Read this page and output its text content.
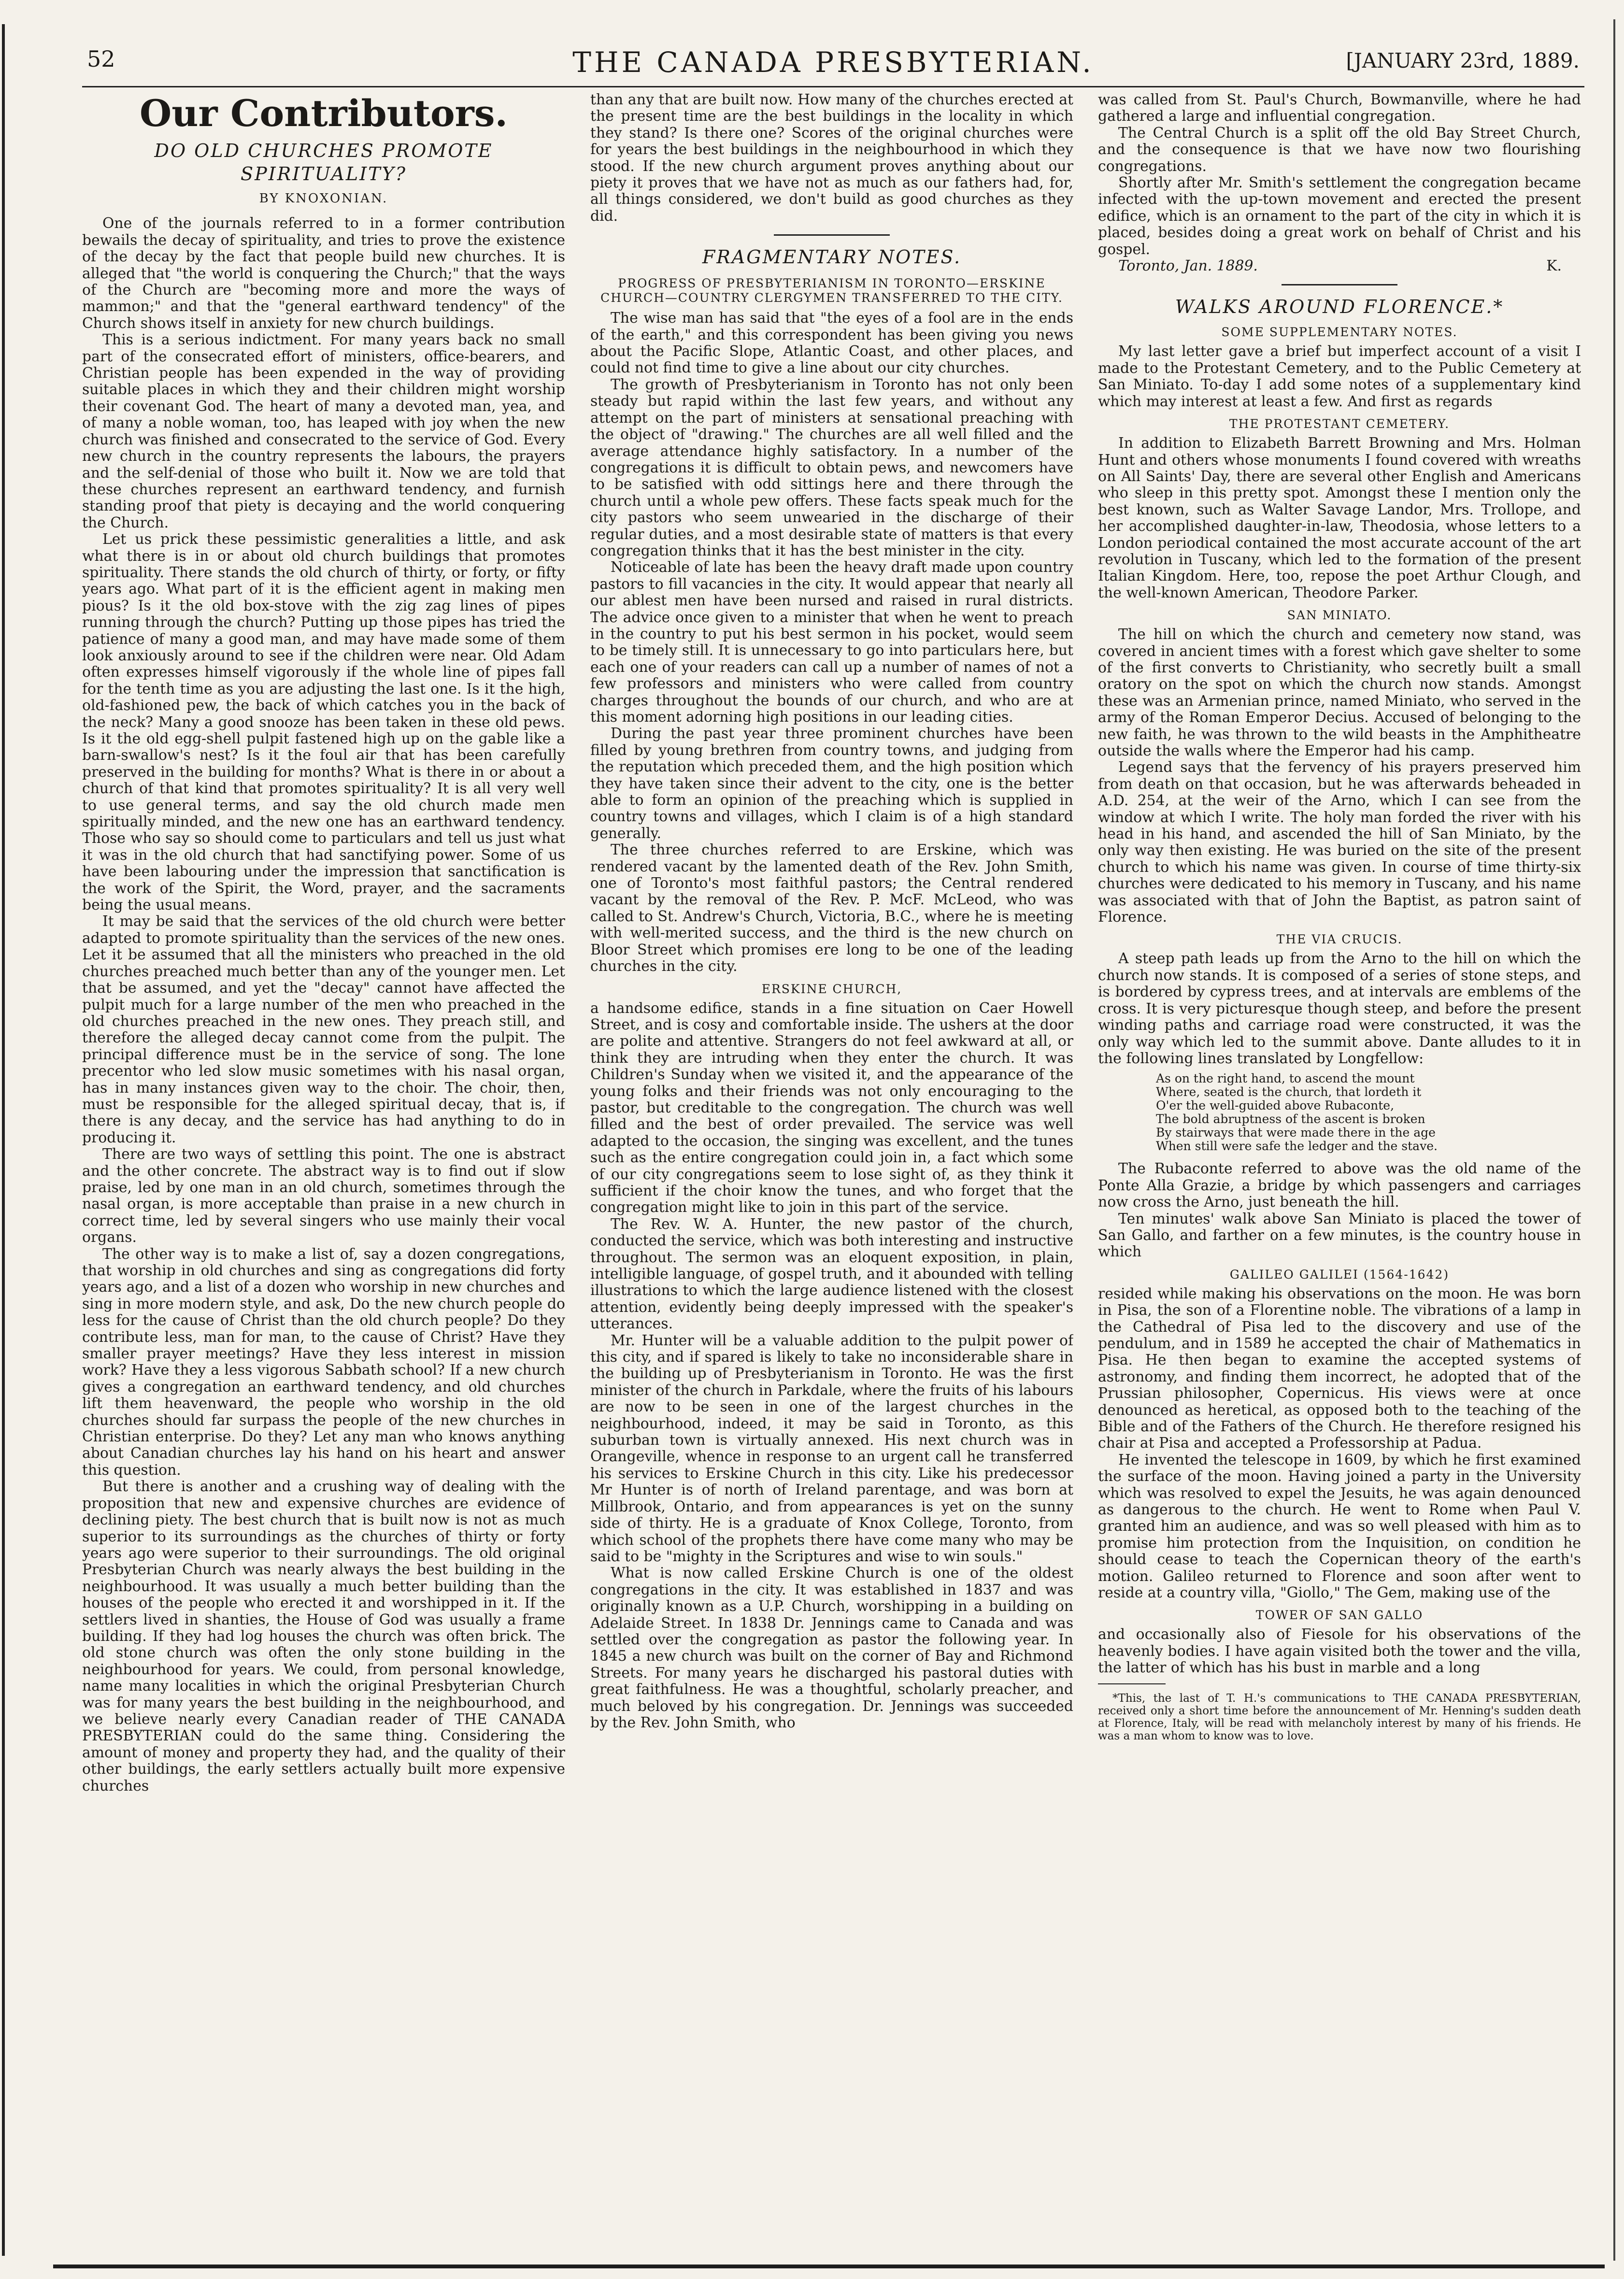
52	THE CANADA PRESBYTERIAN.	[JANUARY 23rd, 1889.
Our Contributors.
DO OLD CHURCHES PROMOTE SPIRITUALITY?
BY KNOXONIAN.

One of the journals referred to in a former contribution bewails the decay of spirituality, and tries to prove the existence of the decay by the fact that people build new churches. It is alleged that "the world is conquering the Church;" that the ways of the Church are "becoming more and more the ways of mammon;" and that the "general earthward tendency" of the Church shows itself in anxiety for new church buildings.

This is a serious indictment. For many years back no small part of the consecrated effort of ministers, office-bearers, and Christian people has been expended in the way of providing suitable places in which they and their children might worship their covenant God. The heart of many a devoted man, yea, and of many a noble woman, too, has leaped with joy when the new church was finished and consecrated to the service of God. Every new church in the country represents the labours, the prayers and the self-denial of those who built it. Now we are told that these churches represent an earthward tendency, and furnish standing proof that piety is decaying and the world conquering the Church.

Let us prick these pessimistic generalities a little, and ask what there is in or about old church buildings that promotes spirituality. There stands the old church of thirty, or forty, or fifty years ago. What part of it is the efficient agent in making men pious? Is it the old box-stove with the zig zag lines of pipes running through the church? Putting up those pipes has tried the patience of many a good man, and may have made some of them look anxiously around to see if the children were near. Old Adam often expresses himself vigorously if the whole line of pipes fall for the tenth time as you are adjusting the last one. Is it the high, old-fashioned pew, the back of which catches you in the back of the neck? Many a good snooze has been taken in these old pews. Is it the old egg-shell pulpit fastened high up on the gable like a barn-swallow's nest? Is it the foul air that has been carefully preserved in the building for months? What is there in or about a church of that kind that promotes spirituality? It is all very well to use general terms, and say the old church made men spiritually minded, and the new one has an earthward tendency. Those who say so should come to particulars and tell us just what it was in the old church that had sanctifying power. Some of us have been labouring under the impression that sanctification is the work of the Spirit, the Word, prayer, and the sacraments being the usual means.

It may be said that the services of the old church were better adapted to promote spirituality than the services of the new ones. Let it be assumed that all the ministers who preached in the old churches preached much better than any of the younger men. Let that be assumed, and yet the "decay" cannot have affected the pulpit much for a large number of the men who preached in the old churches preached in the new ones. They preach still, and therefore the alleged decay cannot come from the pulpit. The principal difference must be in the service of song. The lone precentor who led slow music sometimes with his nasal organ, has in many instances given way to the choir. The choir, then, must be responsible for the alleged spiritual decay, that is, if there is any decay, and the service has had anything to do in producing it.

There are two ways of settling this point. The one is abstract and the other concrete. The abstract way is to find out if slow praise, led by one man in an old church, sometimes through the nasal organ, is more acceptable than praise in a new church in correct time, led by several singers who use mainly their vocal organs.

The other way is to make a list of, say a dozen congregations, that worship in old churches and sing as congregations did forty years ago, and a list of a dozen who worship in new churches and sing in more modern style, and ask, Do the new church people do less for the cause of Christ than the old church people? Do they contribute less, man for man, to the cause of Christ? Have they smaller prayer meetings? Have they less interest in mission work? Have they a less vigorous Sabbath school? If a new church gives a congregation an earthward tendency, and old churches lift them heavenward, the people who worship in the old churches should far surpass the people of the new churches in Christian enterprise. Do they? Let any man who knows anything about Canadian churches lay his hand on his heart and answer this question.

But there is another and a crushing way of dealing with the proposition that new and expensive churches are evidence of declining piety. The best church that is built now is not as much superior to its surroundings as the churches of thirty or forty years ago were superior to their surroundings. The old original Presbyterian Church was nearly always the best building in the neighbourhood. It was usually a much better building than the houses of the people who erected it and worshipped in it. If the settlers lived in shanties, the House of God was usually a frame building. If they had log houses the church was often brick. The old stone church was often the only stone building in the neighbourhood for years. We could, from personal knowledge, name many localities in which the original Presbyterian Church was for many years the best building in the neighbourhood, and we believe nearly every Canadian reader of THE CANADA PRESBYTERIAN could do the same thing. Considering the amount of money and property they had, and the quality of their other buildings, the early settlers actually built more expensive churches

than any that are built now. How many of the churches erected at the present time are the best buildings in the locality in which they stand? Is there one? Scores of the original churches were for years the best buildings in the neighbourhood in which they stood. If the new church argument proves anything about our piety it proves that we have not as much as our fathers had, for, all things considered, we don't build as good churches as they did.

FRAGMENTARY NOTES.
PROGRESS OF PRESBYTERIANISM IN TORONTO—ERSKINE CHURCH—COUNTRY CLERGYMEN TRANSFERRED TO THE CITY.

The wise man has said that "the eyes of a fool are in the ends of the earth," and this correspondent has been giving you news about the Pacific Slope, Atlantic Coast, and other places, and could not find time to give a line about our city churches.

The growth of Presbyterianism in Toronto has not only been steady but rapid within the last few years, and without any attempt on the part of ministers at sensational preaching with the object of "drawing." The churches are all well filled and the average attendance highly satisfactory. In a number of the congregations it is difficult to obtain pews, and newcomers have to be satisfied with odd sittings here and there through the church until a whole pew offers. These facts speak much for the city pastors who seem unwearied in the discharge of their regular duties, and a most desirable state of matters is that every congregation thinks that it has the best minister in the city.

Noticeable of late has been the heavy draft made upon country pastors to fill vacancies in the city. It would appear that nearly all our ablest men have been nursed and raised in rural districts. The advice once given to a minister that when he went to preach in the country to put his best sermon in his pocket, would seem to be timely still. It is unnecessary to go into particulars here, but each one of your readers can call up a number of names of not a few professors and ministers who were called from country charges throughout the bounds of our church, and who are at this moment adorning high positions in our leading cities.

During the past year three prominent churches have been filled by young brethren from country towns, and judging from the reputation which preceded them, and the high position which they have taken since their advent to the city, one is the better able to form an opinion of the preaching which is supplied in country towns and villages, which I claim is of a high standard generally.

The three churches referred to are Erskine, which was rendered vacant by the lamented death of the Rev. John Smith, one of Toronto's most faithful pastors; the Central rendered vacant by the removal of the Rev. P. McF. McLeod, who was called to St. Andrew's Church, Victoria, B.C., where he is meeting with well-merited success, and the third is the new church on Bloor Street which promises ere long to be one of the leading churches in the city.

ERSKINE CHURCH,

a handsome edifice, stands in a fine situation on Caer Howell Street, and is cosy and comfortable inside. The ushers at the door are polite and attentive. Strangers do not feel awkward at all, or think they are intruding when they enter the church. It was Children's Sunday when we visited it, and the appearance of the young folks and their friends was not only encouraging to the pastor, but creditable to the congregation. The church was well filled and the best of order prevailed. The service was well adapted to the occasion, the singing was excellent, and the tunes such as the entire congregation could join in, a fact which some of our city congregations seem to lose sight of, as they think it sufficient if the choir know the tunes, and who forget that the congregation might like to join in this part of the service.

The Rev. W. A. Hunter, the new pastor of the church, conducted the service, which was both interesting and instructive throughout. The sermon was an eloquent exposition, in plain, intelligible language, of gospel truth, and it abounded with telling illustrations to which the large audience listened with the closest attention, evidently being deeply impressed with the speaker's utterances.

Mr. Hunter will be a valuable addition to the pulpit power of this city, and if spared is likely to take no inconsiderable share in the building up of Presbyterianism in Toronto. He was the first minister of the church in Parkdale, where the fruits of his labours are now to be seen in one of the largest churches in the neighbourhood, indeed, it may be said in Toronto, as this suburban town is virtually annexed. His next church was in Orangeville, whence in response to an urgent call he transferred his services to Erskine Church in this city. Like his predecessor Mr Hunter is of north of Ireland parentage, and was born at Millbrook, Ontario, and from appearances is yet on the sunny side of thirty. He is a graduate of Knox College, Toronto, from which school of the prophets there have come many who may be said to be "mighty in the Scriptures and wise to win souls."

What is now called Erskine Church is one of the oldest congregations in the city. It was established in 1837 and was originally known as a U.P. Church, worshipping in a building on Adelaide Street. In 1838 Dr. Jennings came to Canada and was settled over the congregation as pastor the following year. In 1845 a new church was built on the corner of Bay and Richmond Streets. For many years he discharged his pastoral duties with great faithfulness. He was a thoughtful, scholarly preacher, and much beloved by his congregation. Dr. Jennings was succeeded by the Rev. John Smith, who

was called from St. Paul's Church, Bowmanville, where he had gathered a large and influential congregation.

The Central Church is a split off the old Bay Street Church, and the consequence is that we have now two flourishing congregations.

Shortly after Mr. Smith's settlement the congregation became infected with the up-town movement and erected the present edifice, which is an ornament to the part of the city in which it is placed, besides doing a great work on behalf of Christ and his gospel.

Toronto, Jan. 1889.	K.
WALKS AROUND FLORENCE.*
SOME SUPPLEMENTARY NOTES.

My last letter gave a brief but imperfect account of a visit I made to the Protestant Cemetery, and to the Public Cemetery at San Miniato. To-day I add some notes of a supplementary kind which may interest at least a few. And first as regards

THE PROTESTANT CEMETERY.

In addition to Elizabeth Barrett Browning and Mrs. Holman Hunt and others whose monuments I found covered with wreaths on All Saints' Day, there are several other English and Americans who sleep in this pretty spot. Amongst these I mention only the best known, such as Walter Savage Landor, Mrs. Trollope, and her accomplished daughter-in-law, Theodosia, whose letters to a London periodical contained the most accurate account of the art revolution in Tuscany, which led to the formation of the present Italian Kingdom. Here, too, repose the poet Arthur Clough, and the well-known American, Theodore Parker.

SAN MINIATO.

The hill on which the church and cemetery now stand, was covered in ancient times with a forest which gave shelter to some of the first converts to Christianity, who secretly built a small oratory on the spot on which the church now stands. Amongst these was an Armenian prince, named Miniato, who served in the army of the Roman Emperor Decius. Accused of belonging to the new faith, he was thrown to the wild beasts in the Amphitheatre outside the walls where the Emperor had his camp.

Legend says that the fervency of his prayers preserved him from death on that occasion, but he was afterwards beheaded in A.D. 254, at the weir of the Arno, which I can see from the window at which I write. The holy man forded the river with his head in his hand, and ascended the hill of San Miniato, by the only way then existing. He was buried on the site of the present church to which his name was given. In course of time thirty-six churches were dedicated to his memory in Tuscany, and his name was associated with that of John the Baptist, as patron saint of Florence.

THE VIA CRUCIS.

A steep path leads up from the Arno to the hill on which the church now stands. It is composed of a series of stone steps, and is bordered by cypress trees, and at intervals are emblems of the cross. It is very picturesque though steep, and before the present winding paths and carriage road were constructed, it was the only way which led to the summit above. Dante alludes to it in the following lines translated by Longfellow:

As on the right hand, to ascend the mount
Where, seated is the church, that lordeth it
O'er the well-guided above Rubaconte,
The bold abruptness of the ascent is broken
By stairways that were made there in the age
When still were safe the ledger and the stave.

The Rubaconte referred to above was the old name of the Ponte Alla Grazie, a bridge by which passengers and carriages now cross the Arno, just beneath the hill.

Ten minutes' walk above San Miniato is placed the tower of San Gallo, and farther on a few minutes, is the country house in which

GALILEO GALILEI (1564-1642)

resided while making his observations on the moon. He was born in Pisa, the son of a Florentine noble. The vibrations of a lamp in the Cathedral of Pisa led to the discovery and use of the pendulum, and in 1589 he accepted the chair of Mathematics in Pisa. He then began to examine the accepted systems of astronomy, and finding them incorrect, he adopted that of the Prussian philosopher, Copernicus. His views were at once denounced as heretical, as opposed both to the teaching of the Bible and of the Fathers of the Church. He therefore resigned his chair at Pisa and accepted a Professorship at Padua.

He invented the telescope in 1609, by which he first examined the surface of the moon. Having joined a party in the University which was resolved to expel the Jesuits, he was again denounced as dangerous to the church. He went to Rome when Paul V. granted him an audience, and was so well pleased with him as to promise him protection from the Inquisition, on condition he should cease to teach the Copernican theory of the earth's motion. Galileo returned to Florence and soon after went to reside at a country villa, "Giollo," The Gem, making use of the

TOWER OF SAN GALLO

and occasionally also of Fiesole for his observations of the heavenly bodies. I have again visited both the tower and the villa, the latter of which has his bust in marble and a long

*This, the last of T. H.'s communications to THE CANADA PRESBYTERIAN, received only a short time before the announcement of Mr. Henning's sudden death at Florence, Italy, will be read with melancholy interest by many of his friends. He was a man whom to know was to love.
